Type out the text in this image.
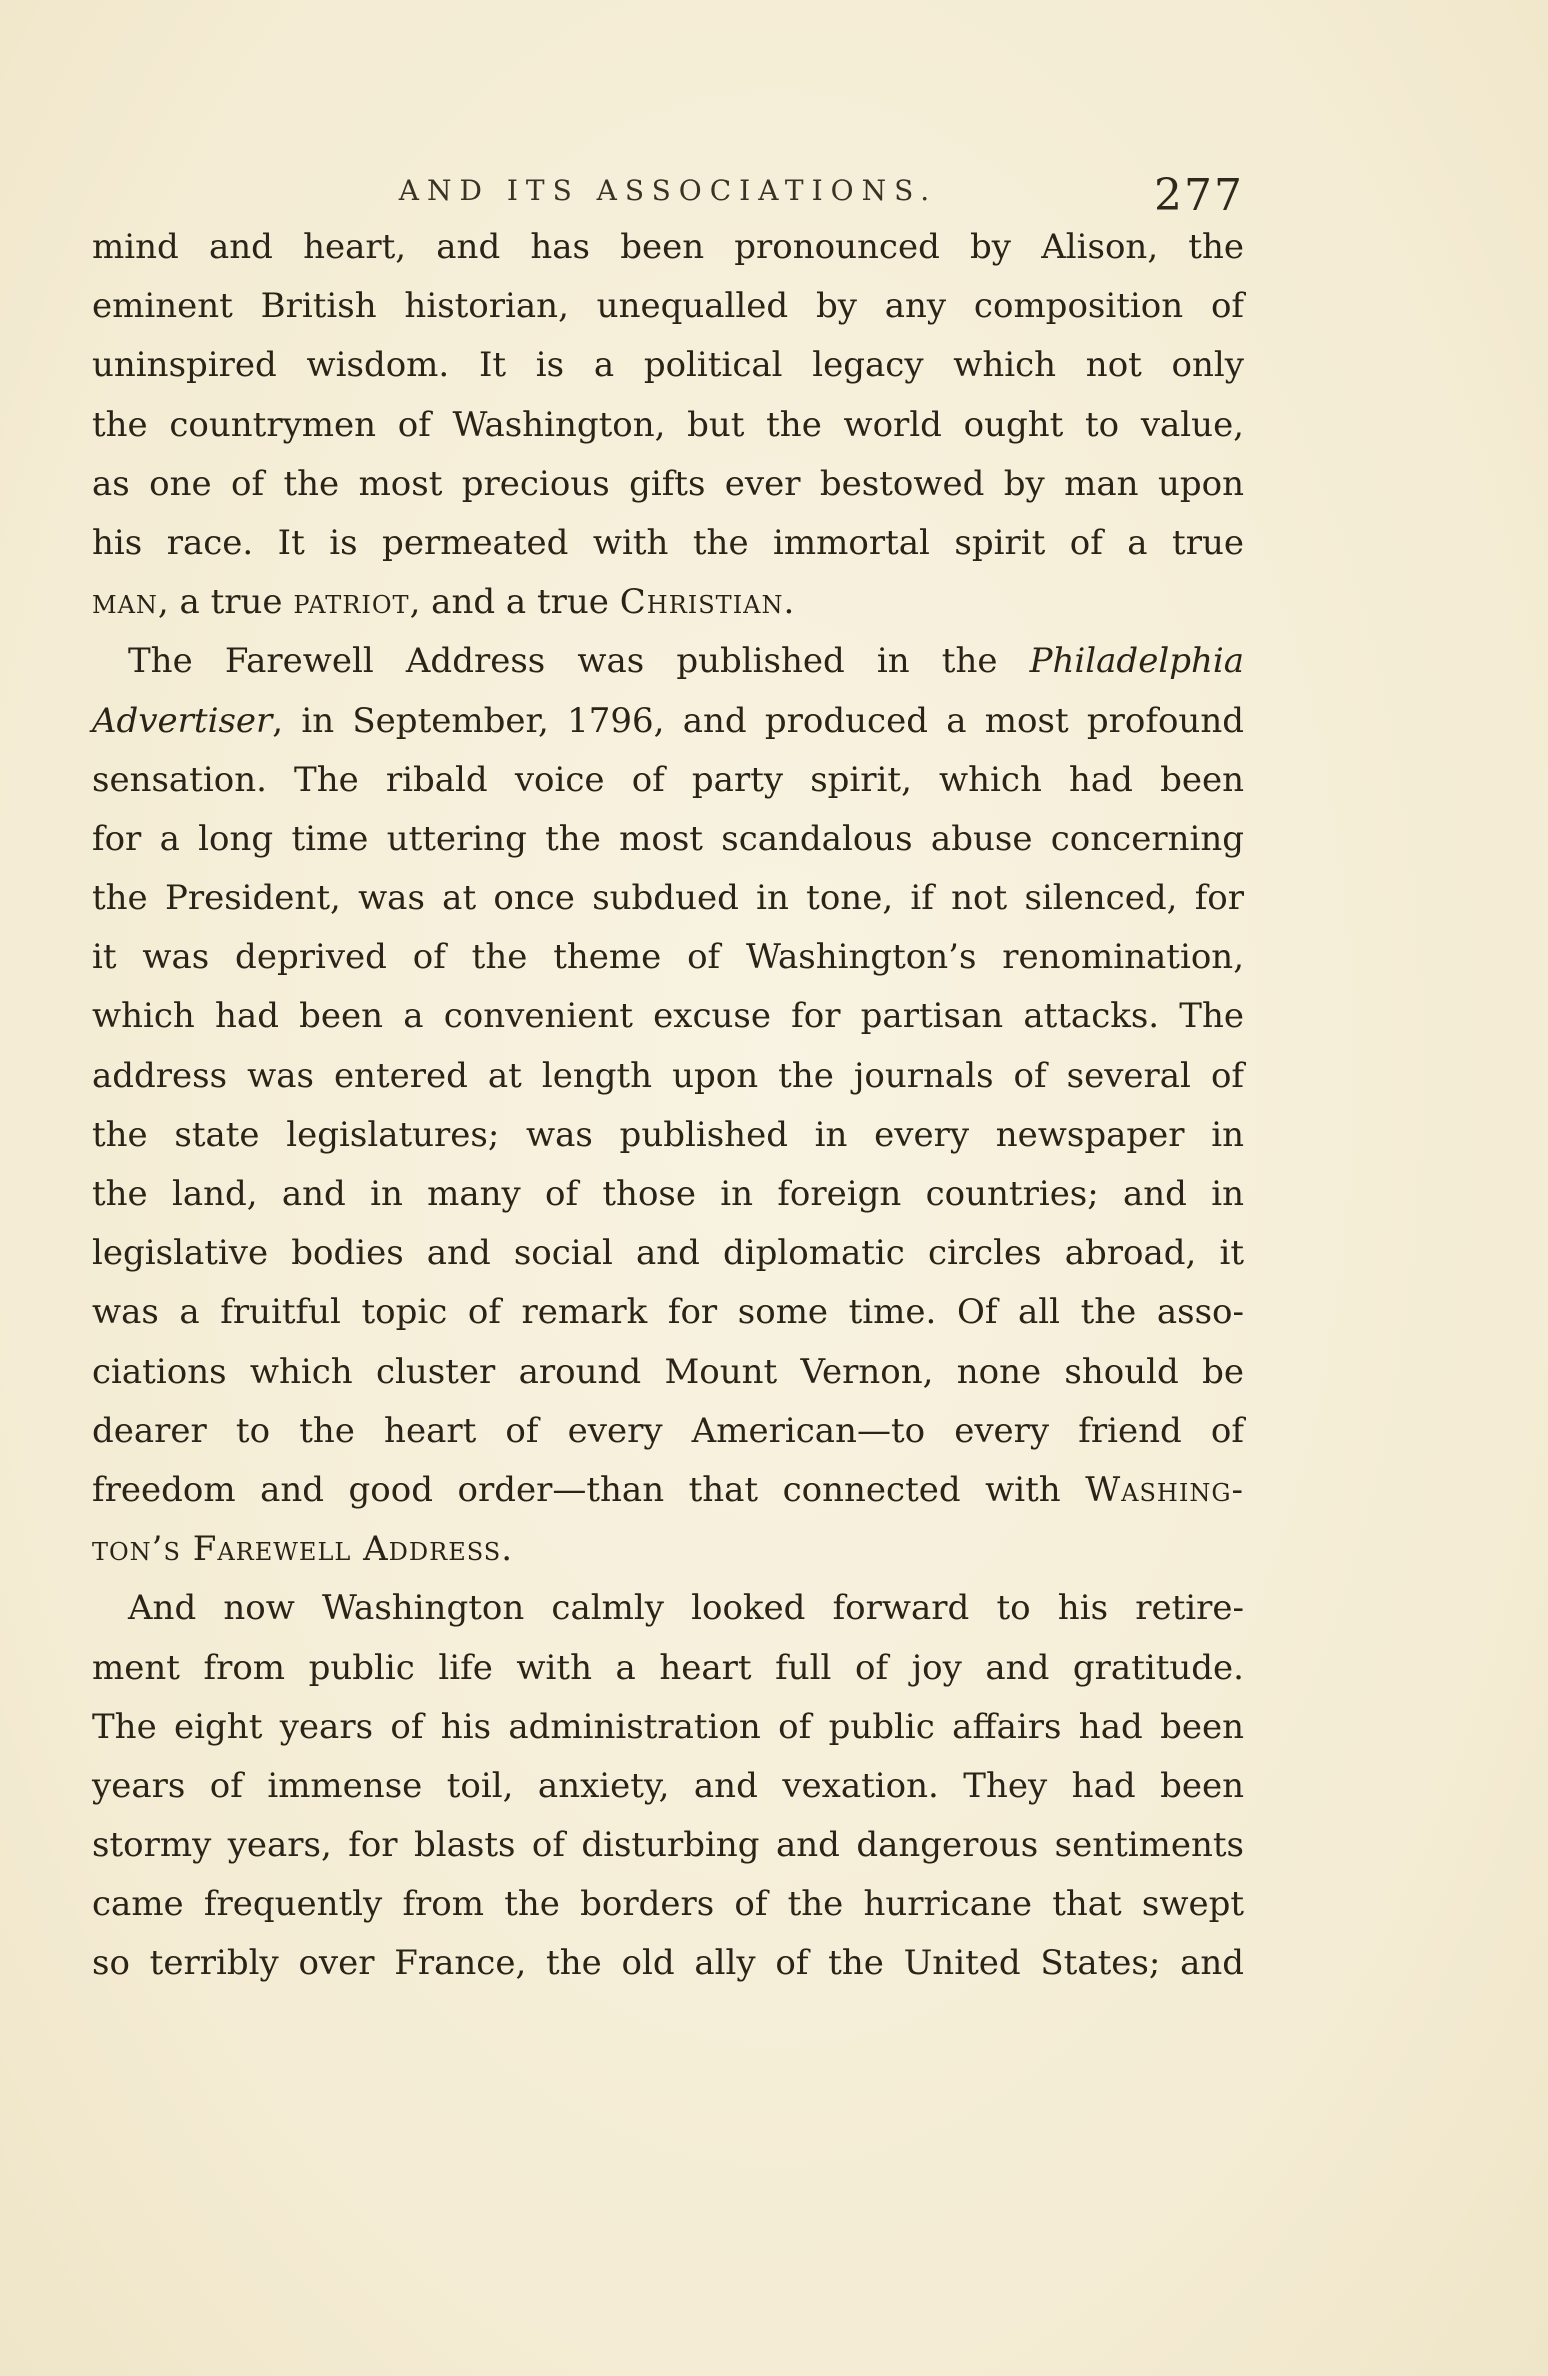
AND ITS ASSOCIATIONS.	277
mind and heart, and has been pronounced by Alison, the
eminent British historian, unequalled by any composition of
uninspired wisdom. It is a political legacy which not only
the countrymen of Washington, but the world ought to value,
as one of the most precious gifts ever bestowed by man upon
his race. It is permeated with the immortal spirit of a true
man, a true patriot, and a true Christian.
The Farewell Address was published in the Philadelphia
Advertiser, in September, 1796, and produced a most profound
sensation. The ribald voice of party spirit, which had been
for a long time uttering the most scandalous abuse concerning
the President, was at once subdued in tone, if not silenced, for
it was deprived of the theme of Washington’s renomination,
which had been a convenient excuse for partisan attacks. The
address was entered at length upon the journals of several of
the state legislatures; was published in every newspaper in
the land, and in many of those in foreign countries; and in
legislative bodies and social and diplomatic circles abroad, it
was a fruitful topic of remark for some time. Of all the asso-
ciations which cluster around Mount Vernon, none should be
dearer to the heart of every American—to every friend of
freedom and good order—than that connected with Washing-
ton’s Farewell Address.
And now Washington calmly looked forward to his retire-
ment from public life with a heart full of joy and gratitude.
The eight years of his administration of public affairs had been
years of immense toil, anxiety, and vexation. They had been
stormy years, for blasts of disturbing and dangerous sentiments
came frequently from the borders of the hurricane that swept
so terribly over France, the old ally of the United States; and
